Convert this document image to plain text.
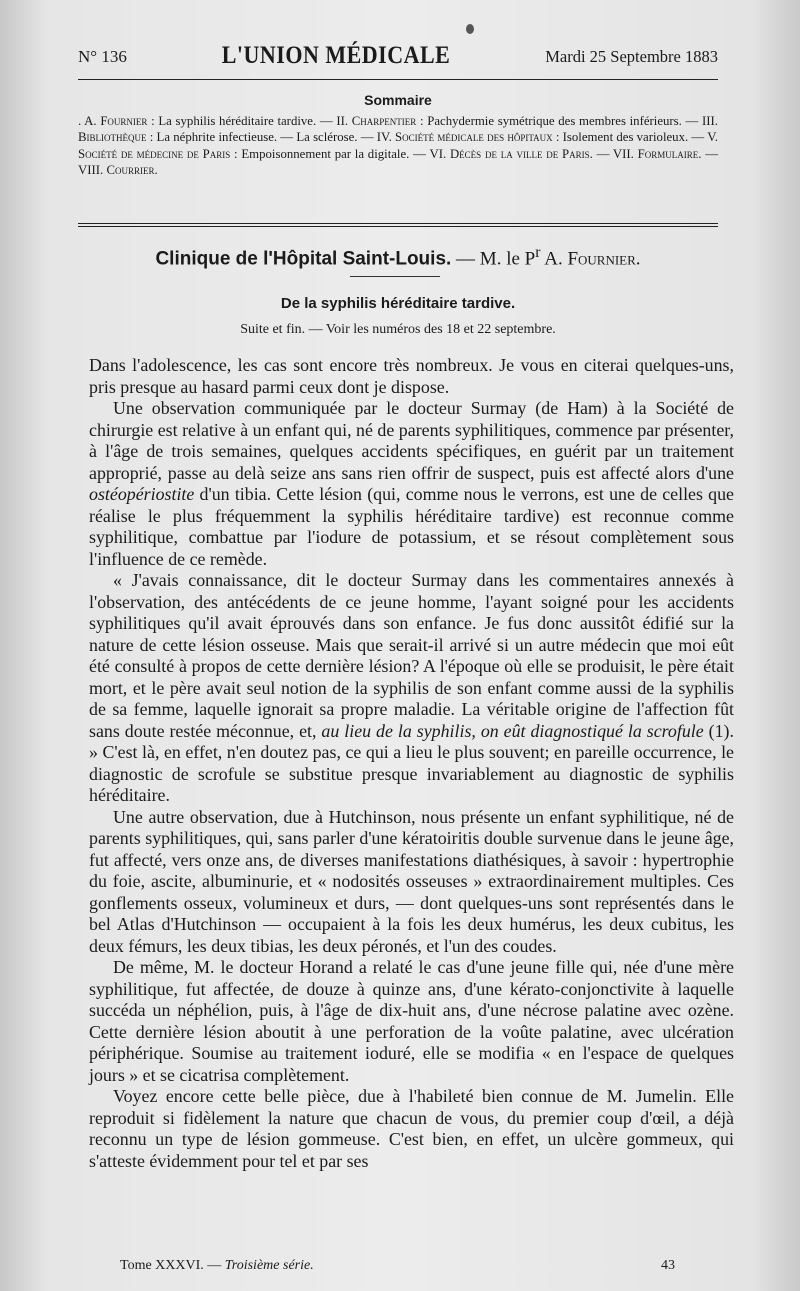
N° 136	L'UNION MÉDICALE	Mardi 25 Septembre 1883
Sommaire
. A. Fournier : La syphilis héréditaire tardive. — II. Charpentier : Pachydermie symétrique des membres inférieurs. — III. Bibliothèque : La néphrite infectieuse. — La sclérose. — IV. Société médicale des hôpitaux : Isolement des varioleux. — V. Société de médecine de Paris : Empoisonnement par la digitale. — VI. Décès de la ville de Paris. — VII. Formulaire. — VIII. Courrier.
Clinique de l'Hôpital Saint-Louis. — M. le $P^r$ A. Fournier.
De la syphilis héréditaire tardive.
Suite et fin. — Voir les numéros des 18 et 22 septembre.

Dans l'adolescence, les cas sont encore très nombreux. Je vous en citerai quelques-uns, pris presque au hasard parmi ceux dont je dispose.

Une observation communiquée par le docteur Surmay (de Ham) à la Société de chirurgie est relative à un enfant qui, né de parents syphilitiques, commence par présenter, à l'âge de trois semaines, quelques accidents spécifiques, en guérit par un traitement approprié, passe au delà seize ans sans rien offrir de suspect, puis est affecté alors d'une ostéopériostite d'un tibia. Cette lésion (qui, comme nous le verrons, est une de celles que réalise le plus fréquemment la syphilis héréditaire tardive) est reconnue comme syphilitique, combattue par l'iodure de potassium, et se résout complètement sous l'influence de ce remède.

« J'avais connaissance, dit le docteur Surmay dans les commentaires annexés à l'observation, des antécédents de ce jeune homme, l'ayant soigné pour les accidents syphilitiques qu'il avait éprouvés dans son enfance. Je fus donc aussitôt édifié sur la nature de cette lésion osseuse. Mais que serait-il arrivé si un autre médecin que moi eût été consulté à propos de cette dernière lésion? A l'époque où elle se produisit, le père était mort, et le père avait seul notion de la syphilis de son enfant comme aussi de la syphilis de sa femme, laquelle ignorait sa propre maladie. La véritable origine de l'affection fût sans doute restée méconnue, et, au lieu de la syphilis, on eût diagnostiqué la scrofule (1). » C'est là, en effet, n'en doutez pas, ce qui a lieu le plus souvent; en pareille occurrence, le diagnostic de scrofule se substitue presque invariablement au diagnostic de syphilis héréditaire.

Une autre observation, due à Hutchinson, nous présente un enfant syphilitique, né de parents syphilitiques, qui, sans parler d'une kératoiritis double survenue dans le jeune âge, fut affecté, vers onze ans, de diverses manifestations diathésiques, à savoir : hypertrophie du foie, ascite, albuminurie, et « nodosités osseuses » extraordinairement multiples. Ces gonflements osseux, volumineux et durs, — dont quelques-uns sont représentés dans le bel Atlas d'Hutchinson — occupaient à la fois les deux humérus, les deux cubitus, les deux fémurs, les deux tibias, les deux péronés, et l'un des coudes.

De même, M. le docteur Horand a relaté le cas d'une jeune fille qui, née d'une mère syphilitique, fut affectée, de douze à quinze ans, d'une kérato-conjonctivite à laquelle succéda un néphélion, puis, à l'âge de dix-huit ans, d'une nécrose palatine avec ozène. Cette dernière lésion aboutit à une perforation de la voûte palatine, avec ulcération périphérique. Soumise au traitement ioduré, elle se modifia « en l'espace de quelques jours » et se cicatrisa complètement.

Voyez encore cette belle pièce, due à l'habileté bien connue de M. Jumelin. Elle reproduit si fidèlement la nature que chacun de vous, du premier coup d'œil, a déjà reconnu un type de lésion gommeuse. C'est bien, en effet, un ulcère gommeux, qui s'atteste évidemment pour tel et par ses

Tome XXXVI. — Troisième série.	43
